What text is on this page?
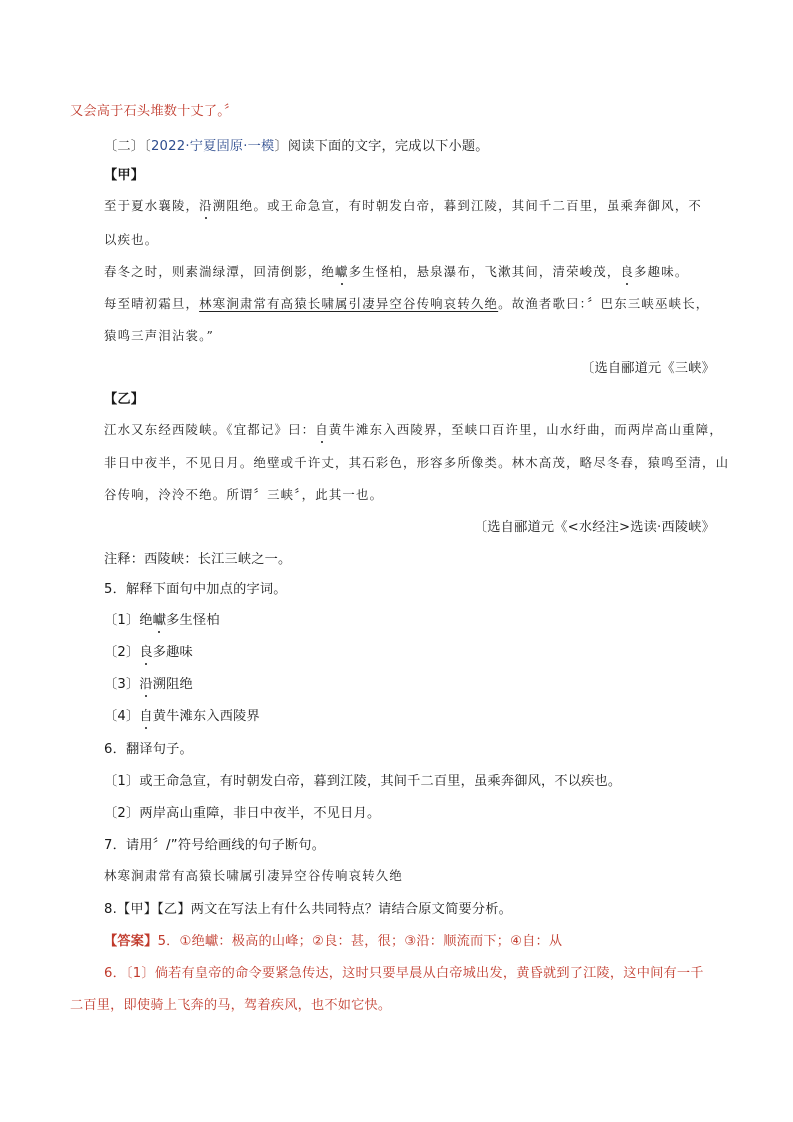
又会高于石头堆数十丈了。〞
〔二〕〔2022·宁夏固原·一模〕阅读下面的文字，完成以下小题。
【甲】
至于夏水襄陵，沿溯阻绝。或王命急宣，有时朝发白帝，暮到江陵，其间千二百里，虽乘奔御风，不
以疾也。
春冬之时，则素湍绿潭，回清倒影，绝巘多生怪柏，悬泉瀑布，飞漱其间，清荣峻茂，良多趣味。
每至晴初霜旦，林寒涧肃常有高猿长啸属引凄异空谷传响哀转久绝。故渔者歌曰：〞巴东三峡巫峡长，
猿鸣三声泪沾裳。”
〔选自郦道元《三峡》
【乙】
江水又东经西陵峡。《宜都记》曰：自黄牛滩东入西陵界，至峡口百许里，山水纡曲，而两岸高山重障，
非日中夜半，不见日月。绝壁或千许丈，其石彩色，形容多所像类。林木高茂，略尽冬春，猿鸣至清，山
谷传响，泠泠不绝。所谓〞三峡〞，此其一也。
〔选自郦道元《<水经注>选读·西陵峡》
注释：西陵峡：长江三峡之一。
5．解释下面句中加点的字词。
〔1〕绝巘多生怪柏
〔2〕良多趣味
〔3〕沿溯阻绝
〔4〕自黄牛滩东入西陵界
6．翻译句子。
〔1〕或王命急宣，有时朝发白帝，暮到江陵，其间千二百里，虽乘奔御风，不以疾也。
〔2〕两岸高山重障，非日中夜半，不见日月。
7．请用〞/”符号给画线的句子断句。
林寒涧肃常有高猿长啸属引凄异空谷传响哀转久绝
8.【甲】【乙】两文在写法上有什么共同特点？请结合原文简要分析。
【答案】5．①绝巘：极高的山峰；②良：甚，很；③沿：顺流而下；④自：从
6．〔1〕倘若有皇帝的命令要紧急传达，这时只要早晨从白帝城出发，黄昏就到了江陵，这中间有一千
二百里，即使骑上飞奔的马，驾着疾风，也不如它快。
